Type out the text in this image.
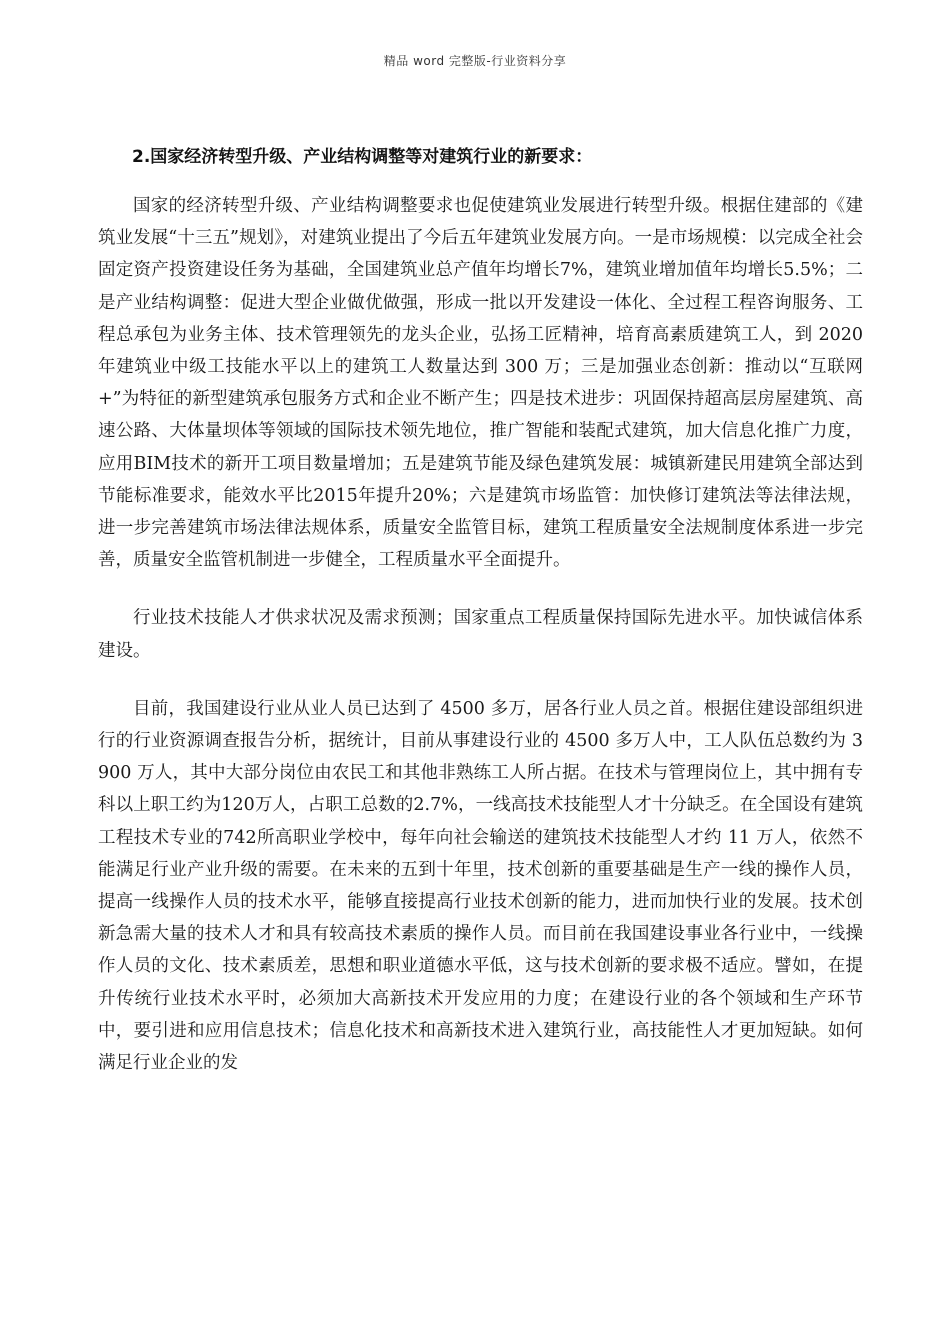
精品 word 完整版-行业资料分享
2.国家经济转型升级、产业结构调整等对建筑行业的新要求：

国家的经济转型升级、产业结构调整要求也促使建筑业发展进行转型升级。根据住建部的《建筑业发展“十三五”规划》，对建筑业提出了今后五年建筑业发展方向。一是市场规模：以完成全社会固定资产投资建设任务为基础，全国建筑业总产值年均增长7%，建筑业增加值年均增长5.5%；二是产业结构调整：促进大型企业做优做强，形成一批以开发建设一体化、全过程工程咨询服务、工程总承包为业务主体、技术管理领先的龙头企业，弘扬工匠精神，培育高素质建筑工人，到 2020 年建筑业中级工技能水平以上的建筑工人数量达到 300 万；三是加强业态创新：推动以“互联网+”为特征的新型建筑承包服务方式和企业不断产生；四是技术进步：巩固保持超高层房屋建筑、高速公路、大体量坝体等领域的国际技术领先地位，推广智能和装配式建筑，加大信息化推广力度，应用BIM技术的新开工项目数量增加；五是建筑节能及绿色建筑发展：城镇新建民用建筑全部达到节能标准要求，能效水平比2015年提升20%；六是建筑市场监管：加快修订建筑法等法律法规，进一步完善建筑市场法律法规体系，质量安全监管目标，建筑工程质量安全法规制度体系进一步完善，质量安全监管机制进一步健全，工程质量水平全面提升。

行业技术技能人才供求状况及需求预测；国家重点工程质量保持国际先进水平。加快诚信体系建设。

目前，我国建设行业从业人员已达到了 4500 多万，居各行业人员之首。根据住建设部组织进行的行业资源调查报告分析，据统计，目前从事建设行业的 4500 多万人中，工人队伍总数约为 3900 万人，其中大部分岗位由农民工和其他非熟练工人所占据。在技术与管理岗位上，其中拥有专科以上职工约为120万人，占职工总数的2.7%，一线高技术技能型人才十分缺乏。在全国设有建筑工程技术专业的742所高职业学校中，每年向社会输送的建筑技术技能型人才约 11 万人，依然不能满足行业产业升级的需要。在未来的五到十年里，技术创新的重要基础是生产一线的操作人员，提高一线操作人员的技术水平，能够直接提高行业技术创新的能力，进而加快行业的发展。技术创新急需大量的技术人才和具有较高技术素质的操作人员。而目前在我国建设事业各行业中，一线操作人员的文化、技术素质差，思想和职业道德水平低，这与技术创新的要求极不适应。譬如，在提升传统行业技术水平时，必须加大高新技术开发应用的力度；在建设行业的各个领域和生产环节中，要引进和应用信息技术；信息化技术和高新技术进入建筑行业，高技能性人才更加短缺。如何满足行业企业的发
